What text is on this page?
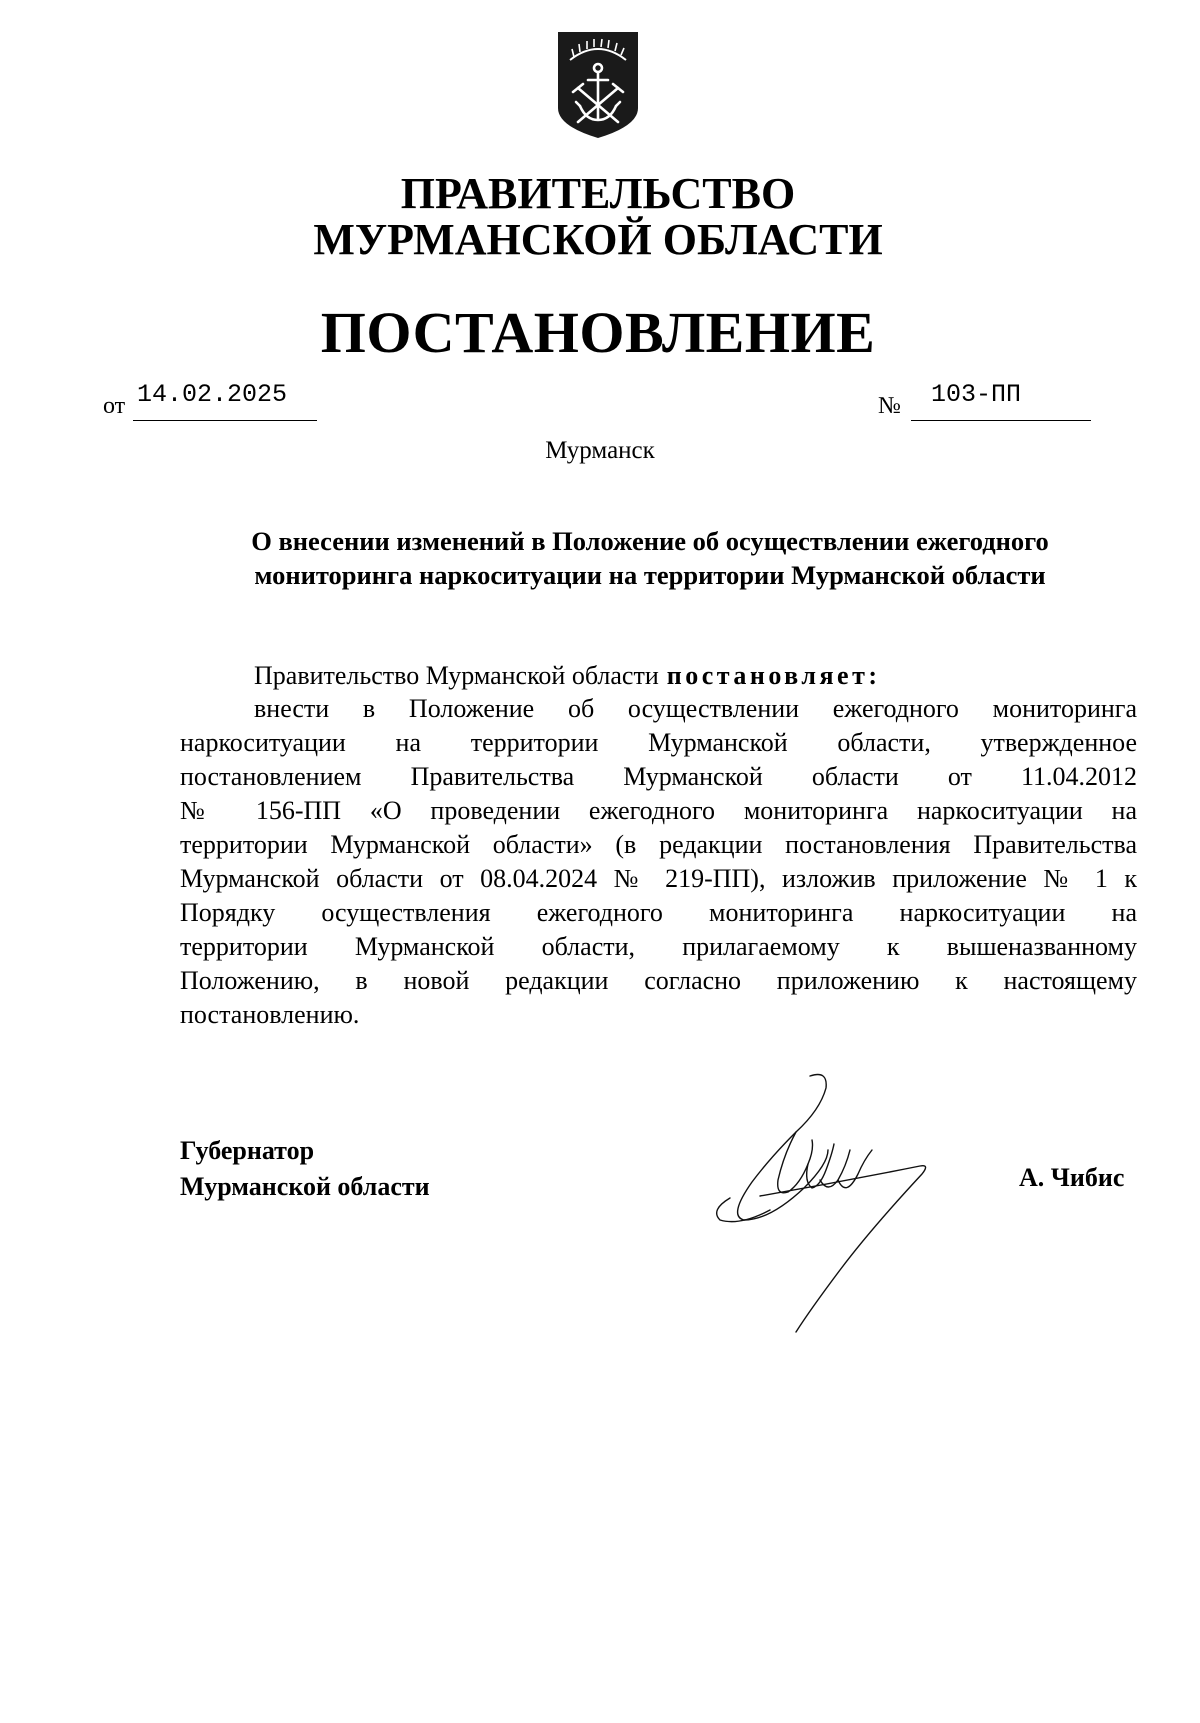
ПРАВИТЕЛЬСТВО
МУРМАНСКОЙ ОБЛАСТИ
ПОСТАНОВЛЕНИЕ
от 14.02.2025	№ 103-ПП
Мурманск
О внесении изменений в Положение об осуществлении ежегодного
мониторинга наркоситуации на территории Мурманской области
Правительство Мурманской области постановляет:
внести в Положение об осуществлении ежегодного мониторинга
наркоситуации на территории Мурманской области, утвержденное
постановлением Правительства Мурманской области от 11.04.2012
№ 156-ПП «О проведении ежегодного мониторинга наркоситуации на
территории Мурманской области» (в редакции постановления Правительства
Мурманской области от 08.04.2024 № 219-ПП), изложив приложение № 1 к
Порядку осуществления ежегодного мониторинга наркоситуации на
территории Мурманской области, прилагаемому к вышеназванному
Положению, в новой редакции согласно приложению к настоящему
постановлению.
Губернатор
Мурманской области	А. Чибис
